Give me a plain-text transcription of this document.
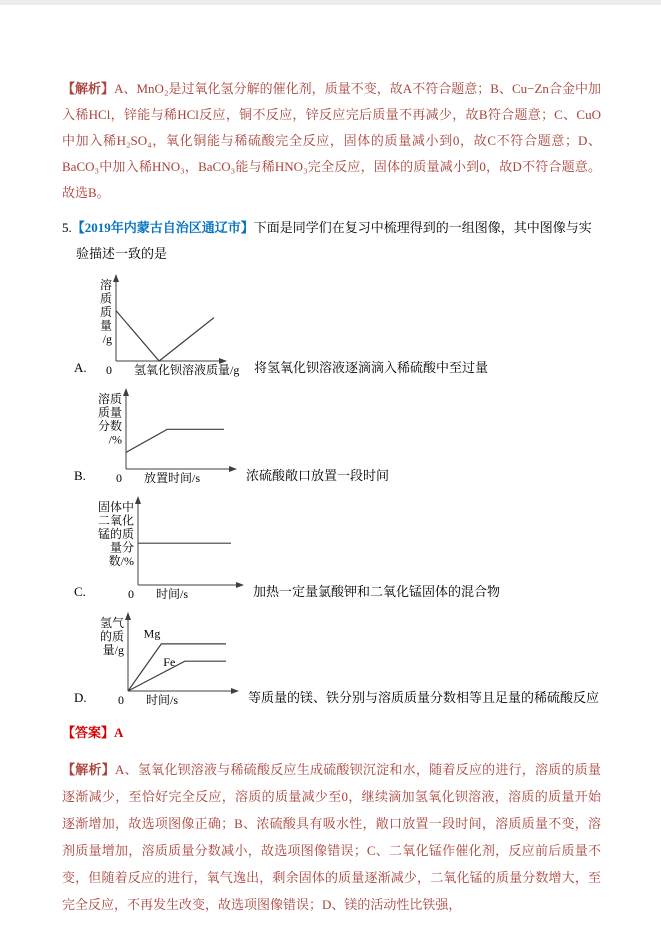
【解析】A、MnO₂是过氧化氢分解的催化剂，质量不变，故A不符合题意；B、Cu−Zn合金中加入稀HCl，锌能与稀HCl反应，铜不反应，锌反应完后质量不再减少，故B符合题意；C、CuO中加入稀H₂SO₄，氧化铜能与稀硫酸完全反应，固体的质量减小到0，故C不符合题意；D、BaCO₃中加入稀HNO₃，BaCO₃能与稀HNO₃完全反应，固体的质量减小到0，故D不符合题意。故选B。

5.【2019年内蒙古自治区通辽市】下面是同学们在复习中梳理得到的一组图像，其中图像与实验描述一致的是

A.
溶
质
质
量
/g
0 氢氧化钡溶液质量/g 将氢氧化钡溶液逐滴滴入稀硫酸中至过量
B.
溶质
质量
分数
/%
0 放置时间/s	浓硫酸敞口放置一段时间
C.
固体中
二氧化
锰的质
量分
数/%
0 时间/s	加热一定量氯酸钾和二氧化锰固体的混合物
D.
氢气
的质
量/g
0 时间/s
Mg
Fe
等质量的镁、铁分别与溶质质量分数相等且足量的稀硫酸反应

【答案】A

【解析】A、氢氧化钡溶液与稀硫酸反应生成硫酸钡沉淀和水，随着反应的进行，溶质的质量逐渐减少，至恰好完全反应，溶质的质量减少至0，继续滴加氢氧化钡溶液，溶质的质量开始逐渐增加，故选项图像正确；B、浓硫酸具有吸水性，敞口放置一段时间，溶质质量不变，溶剂质量增加，溶质质量分数减小，故选项图像错误；C、二氧化锰作催化剂，反应前后质量不变，但随着反应的进行，氧气逸出，剩余固体的质量逐渐减少，二氧化锰的质量分数增大，至完全反应，不再发生改变，故选项图像错误；D、镁的活动性比铁强，
